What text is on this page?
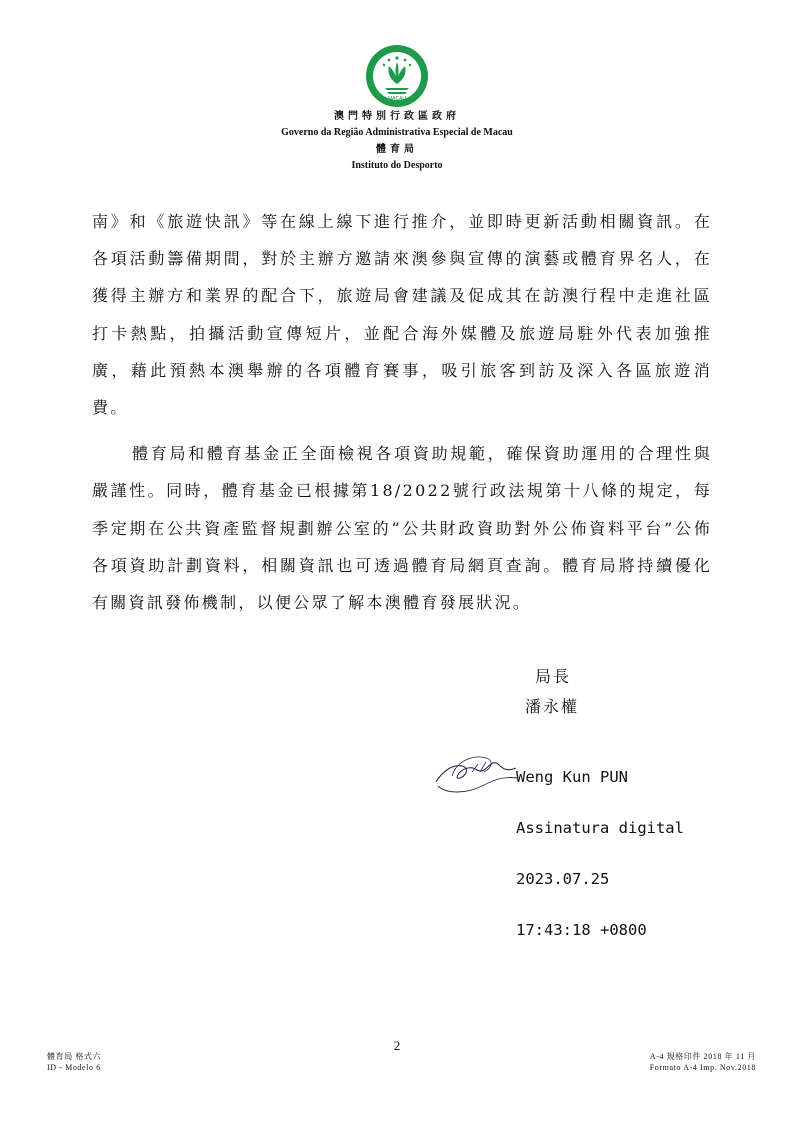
MACAU
澳門特別行政區政府
Governo da Região Administrativa Especial de Macau
體育局
Instituto do Desporto

南》和《旅遊快訊》等在線上線下進行推介，並即時更新活動相關資訊。在各項活動籌備期間，對於主辦方邀請來澳參與宣傳的演藝或體育界名人，在獲得主辦方和業界的配合下，旅遊局會建議及促成其在訪澳行程中走進社區打卡熱點，拍攝活動宣傳短片，並配合海外媒體及旅遊局駐外代表加強推廣，藉此預熱本澳舉辦的各項體育賽事，吸引旅客到訪及深入各區旅遊消費。

體育局和體育基金正全面檢視各項資助規範，確保資助運用的合理性與嚴謹性。同時，體育基金已根據第18/2022號行政法規第十八條的規定，每季定期在公共資產監督規劃辦公室的“公共財政資助對外公佈資料平台”公佈各項資助計劃資料，相關資訊也可透過體育局網頁查詢。體育局將持續優化有關資訊發佈機制，以便公眾了解本澳體育發展狀況。

局長
潘永權

Weng Kun PUN

Assinatura digital

2023.07.25

17:43:18 +0800

2
體育局 格式六
ID - Modelo 6
A-4 規格印件 2018 年 11 月
Formato A-4 Imp. Nov.2018
